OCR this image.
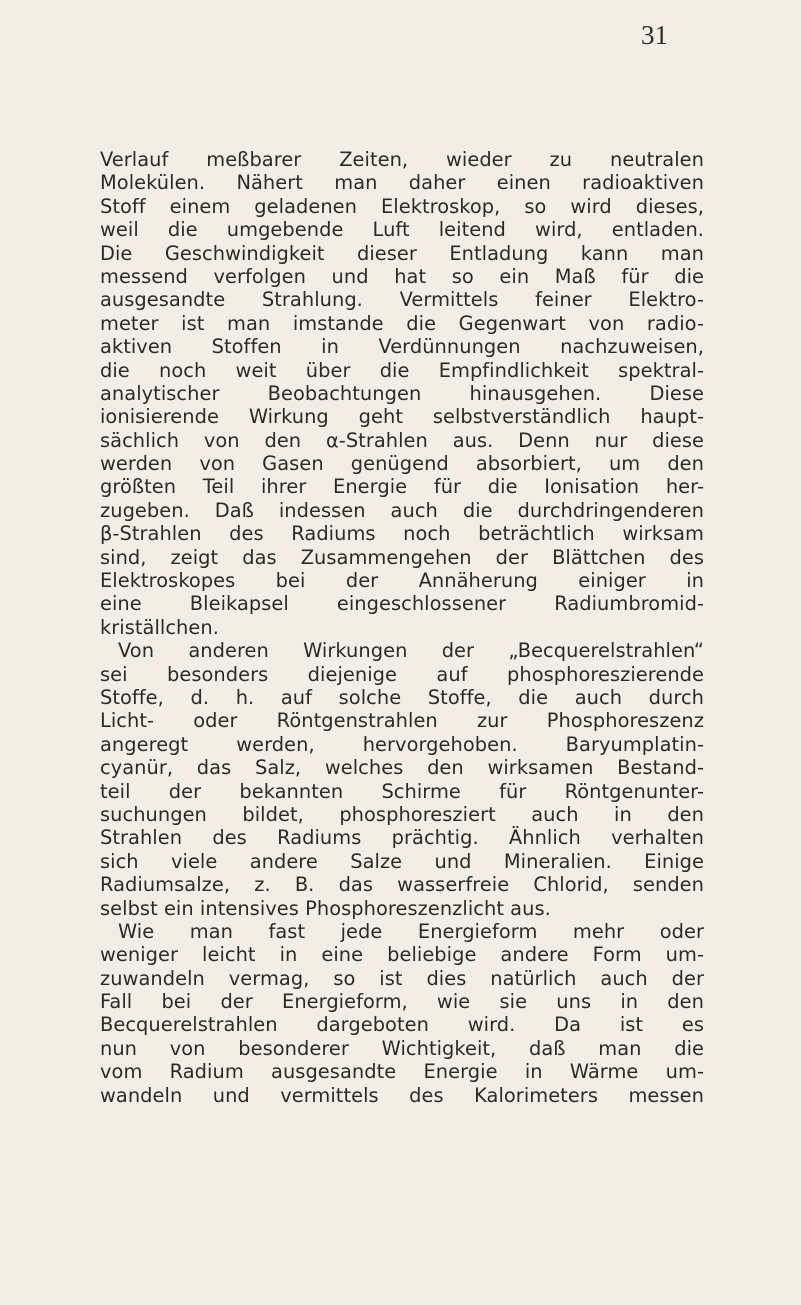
31
Verlauf meßbarer Zeiten, wieder zu neutralen
Molekülen. Nähert man daher einen radioaktiven
Stoff einem geladenen Elektroskop, so wird dieses,
weil die umgebende Luft leitend wird, entladen.
Die Geschwindigkeit dieser Entladung kann man
messend verfolgen und hat so ein Maß für die
ausgesandte Strahlung. Vermittels feiner Elektro-
meter ist man imstande die Gegenwart von radio-
aktiven Stoffen in Verdünnungen nachzuweisen,
die noch weit über die Empfindlichkeit spektral-
analytischer Beobachtungen hinausgehen. Diese
ionisierende Wirkung geht selbstverständlich haupt-
sächlich von den α-Strahlen aus. Denn nur diese
werden von Gasen genügend absorbiert, um den
größten Teil ihrer Energie für die Ionisation her-
zugeben. Daß indessen auch die durchdringenderen
β-Strahlen des Radiums noch beträchtlich wirksam
sind, zeigt das Zusammengehen der Blättchen des
Elektroskopes bei der Annäherung einiger in
eine Bleikapsel eingeschlossener Radiumbromid-
kriställchen.
Von anderen Wirkungen der „Becquerelstrahlen“
sei besonders diejenige auf phosphoreszierende
Stoffe, d. h. auf solche Stoffe, die auch durch
Licht- oder Röntgenstrahlen zur Phosphoreszenz
angeregt werden, hervorgehoben. Baryumplatin-
cyanür, das Salz, welches den wirksamen Bestand-
teil der bekannten Schirme für Röntgenunter-
suchungen bildet, phosphoresziert auch in den
Strahlen des Radiums prächtig. Ähnlich verhalten
sich viele andere Salze und Mineralien. Einige
Radiumsalze, z. B. das wasserfreie Chlorid, senden
selbst ein intensives Phosphoreszenzlicht aus.
Wie man fast jede Energieform mehr oder
weniger leicht in eine beliebige andere Form um-
zuwandeln vermag, so ist dies natürlich auch der
Fall bei der Energieform, wie sie uns in den
Becquerelstrahlen dargeboten wird. Da ist es
nun von besonderer Wichtigkeit, daß man die
vom Radium ausgesandte Energie in Wärme um-
wandeln und vermittels des Kalorimeters messen
